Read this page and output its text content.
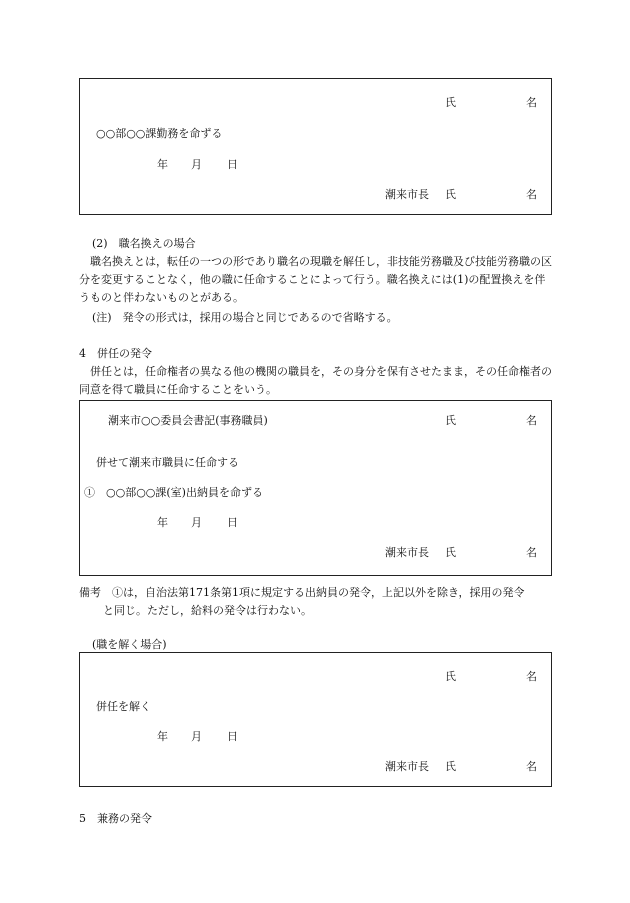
氏	名
○○部○○課勤務を命ずる
年 月 日
潮来市長 氏	名
(2)　職名換えの場合

職名換えとは，転任の一つの形であり職名の現職を解任し，非技能労務職及び技能労務職の区分を変更することなく，他の職に任命することによって行う。職名換えには(1)の配置換えを伴うものと伴わないものとがある。

(注)　発令の形式は，採用の場合と同じであるので省略する。
4　併任の発令

併任とは，任命権者の異なる他の機関の職員を，その身分を保有させたまま，その任命権者の同意を得て職員に任命することをいう。

潮来市○○委員会書記(事務職員)	氏	名
併せて潮来市職員に任命する
①　○○部○○課(室)出納員を命ずる
年 月 日
潮来市長 氏	名
備考 ①は，自治法第171条第1項に規定する出納員の発令，上記以外を除き，採用の発令
と同じ。ただし，給料の発令は行わない。
(職を解く場合)
氏	名
併任を解く
年 月 日
潮来市長 氏	名
5　兼務の発令
